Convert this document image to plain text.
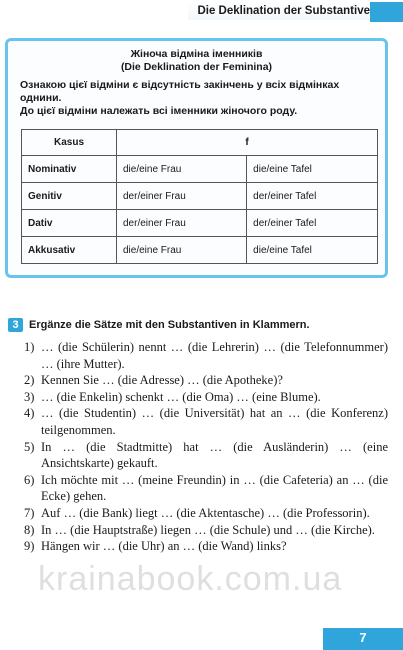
Die Deklination der Substantive
Жіноча відміна іменників
(Die Deklination der Feminina)
Ознакою цієї відміни є відсутність закінчень у всіх відмінках
однини.
До цієї відміни належать всі іменники жіночого роду.
Kasus	f	
Nominativ	die/eine Frau	die/eine Tafel
Genitiv	der/einer Frau	der/einer Tafel
Dativ	der/einer Frau	der/einer Tafel
Akkusativ	die/eine Frau	die/eine Tafel
3 Ergänze die Sätze mit den Substantiven in Klammern.
1) … (die Schülerin) nennt … (die Lehrerin) … (die Telefonnummer) … (ihre Mutter).
2) Kennen Sie … (die Adresse) … (die Apotheke)?
3) … (die Enkelin) schenkt … (die Oma) … (eine Blume).
4) … (die Studentin) … (die Universität) hat an … (die Konferenz) teilgenommen.
5) In … (die Stadtmitte) hat … (die Ausländerin) … (eine Ansichtskarte) gekauft.
6) Ich möchte mit … (meine Freundin) in … (die Cafeteria) an … (die Ecke) gehen.
7) Auf … (die Bank) liegt … (die Aktentasche) … (die Professorin).
8) In … (die Hauptstraße) liegen … (die Schule) und … (die Kirche).
9) Hängen wir … (die Uhr) an … (die Wand) links?
krainabook.com.ua
7
